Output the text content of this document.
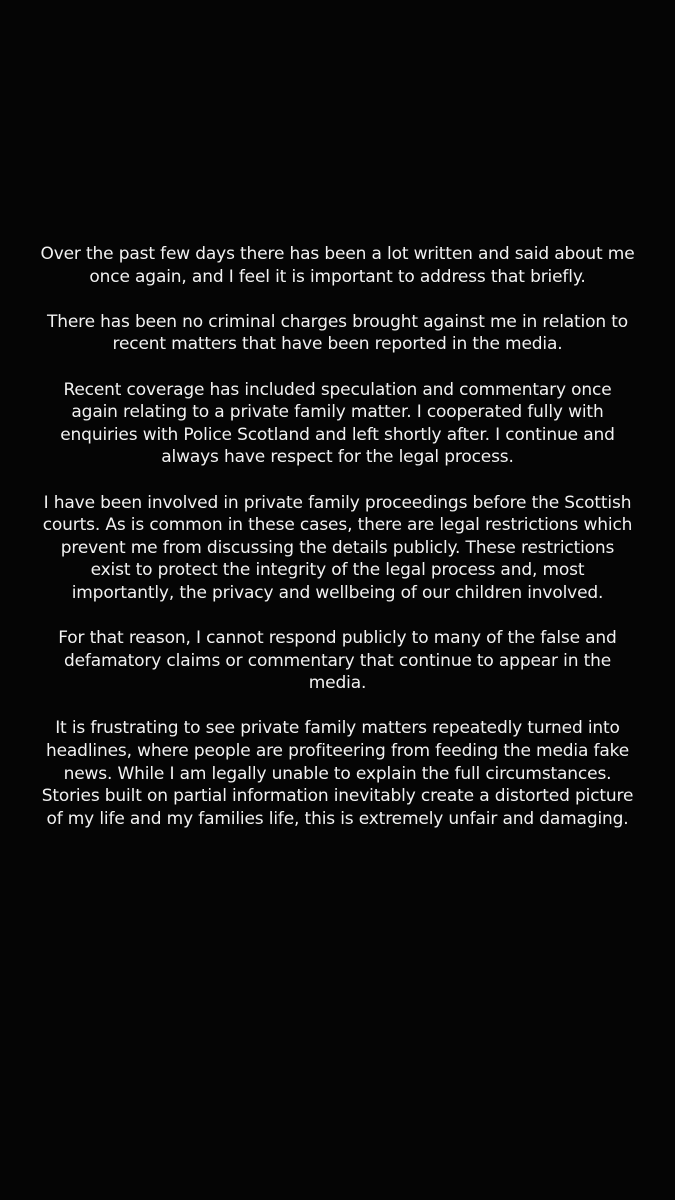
Over the past few days there has been a lot written and said about me once again, and I feel it is important to address that briefly.

There has been no criminal charges brought against me in relation to recent matters that have been reported in the media.

Recent coverage has included speculation and commentary once again relating to a private family matter. I cooperated fully with enquiries with Police Scotland and left shortly after. I continue and always have respect for the legal process.

I have been involved in private family proceedings before the Scottish courts. As is common in these cases, there are legal restrictions which prevent me from discussing the details publicly. These restrictions exist to protect the integrity of the legal process and, most importantly, the privacy and wellbeing of our children involved.

For that reason, I cannot respond publicly to many of the false and defamatory claims or commentary that continue to appear in the media.

It is frustrating to see private family matters repeatedly turned into headlines, where people are profiteering from feeding the media fake news. While I am legally unable to explain the full circumstances. Stories built on partial information inevitably create a distorted picture of my life and my families life, this is extremely unfair and damaging.
